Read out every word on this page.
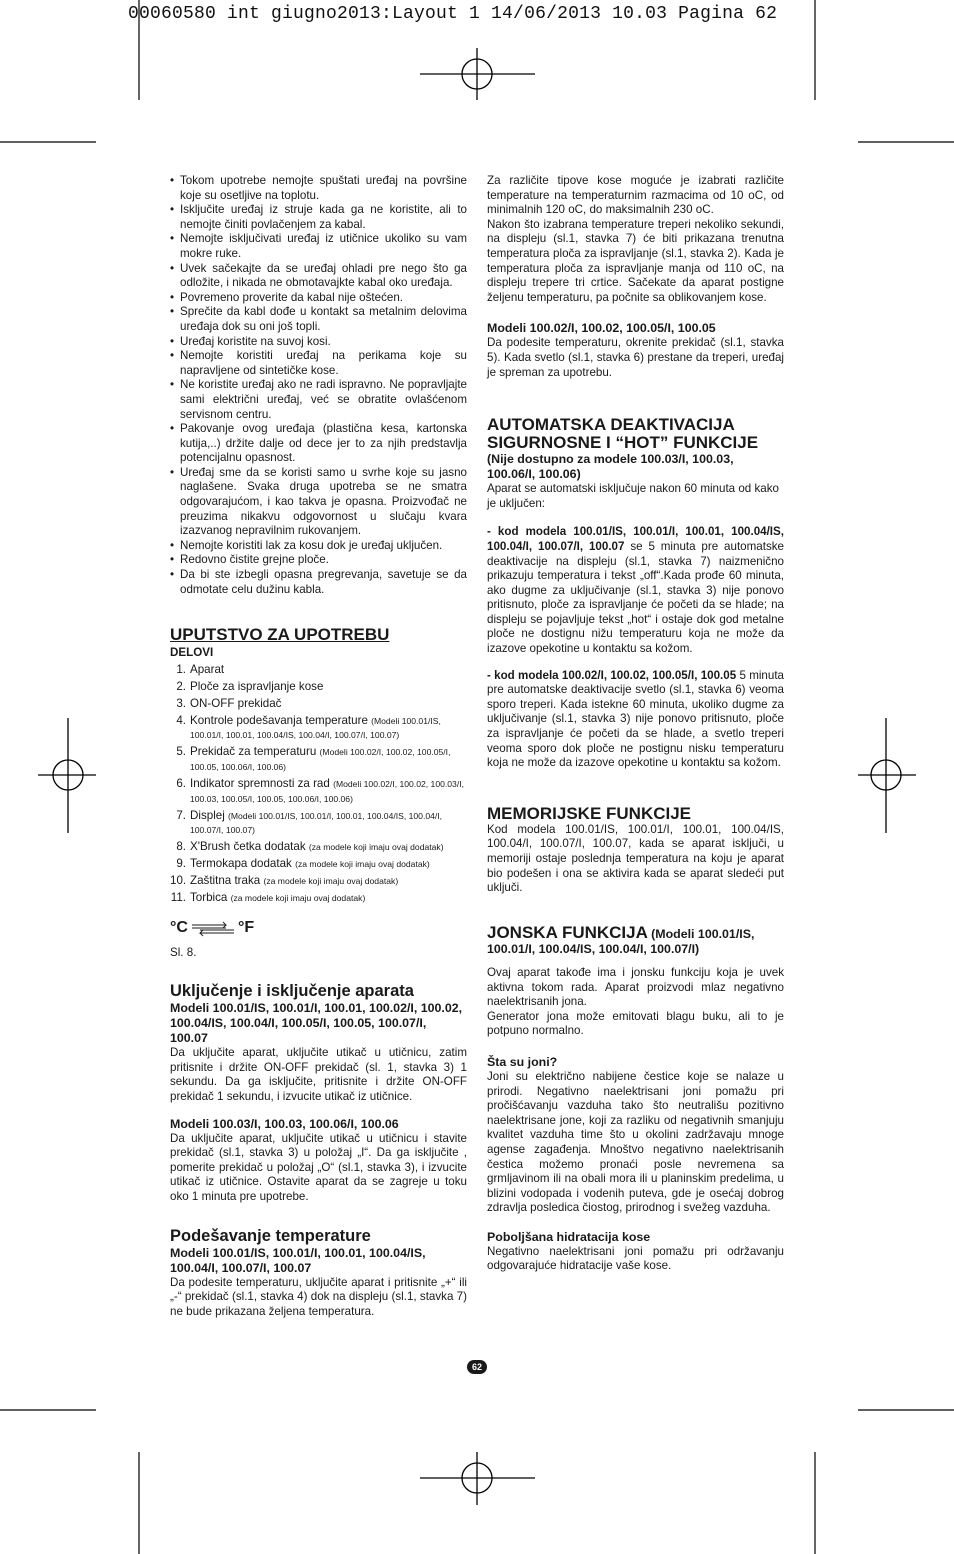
00060580 int giugno2013:Layout 1 14/06/2013 10.03 Pagina 62
• Tokom upotrebe nemojte spuštati uređaj na površine koje su osetljive na toplotu.
• Isključite uređaj iz struje kada ga ne koristite, ali to nemojte činiti povlačenjem za kabal.
• Nemojte isključivati uređaj iz utičnice ukoliko su vam mokre ruke.
• Uvek sačekajte da se uređaj ohladi pre nego što ga odložite, i nikada ne obmotavajkte kabal oko uređaja.
• Povremeno proverite da kabal nije oštećen.
• Sprečite da kabl dođe u kontakt sa metalnim delovima uređaja dok su oni još topli.
• Uređaj koristite na suvoj kosi.
• Nemojte koristiti uređaj na perikama koje su napravljene od sintetičke kose.
• Ne koristite uređaj ako ne radi ispravno. Ne popravljajte sami električni uređaj, već se obratite ovlašćenom servisnom centru.
• Pakovanje ovog uređaja (plastična kesa, kartonska kutija,..) držite dalje od dece jer to za njih predstavlja potencijalnu opasnost.
• Uređaj sme da se koristi samo u svrhe koje su jasno naglašene. Svaka druga upotreba se ne smatra odgovarajućom, i kao takva je opasna. Proizvođač ne preuzima nikakvu odgovornost u slučaju kvara izazvanog nepravilnim rukovanjem.
• Nemojte koristiti lak za kosu dok je uređaj uključen.
• Redovno čistite grejne ploče.
• Da bi ste izbegli opasna pregrevanja, savetuje se da odmotate celu dužinu kabla.
UPUTSTVO ZA UPOTREBU
DELOVI
1. Aparat
2. Ploče za ispravljanje kose
3. ON-OFF prekidač
4. Kontrole podešavanja temperature (Modeli 100.01/IS, 100.01/I, 100.01, 100.04/IS, 100.04/I, 100.07/I, 100.07)
5. Prekidač za temperaturu (Modeli 100.02/I, 100.02, 100.05/I, 100.05, 100.06/I, 100.06)
6. Indikator spremnosti za rad (Modeli 100.02/I, 100.02, 100.03/I, 100.03, 100.05/I, 100.05, 100.06/I, 100.06)
7. Displej (Modeli 100.01/IS, 100.01/I, 100.01, 100.04/IS, 100.04/I, 100.07/I, 100.07)
8. X'Brush četka dodatak (za modele koji imaju ovaj dodatak)
9. Termokapa dodatak (za modele koji imaju ovaj dodatak)
10. Zaštitna traka (za modele koji imaju ovaj dodatak)
11. Torbica (za modele koji imaju ovaj dodatak)
°C	°F
Sl. 8.
Uključenje i isključenje aparata
Modeli 100.01/IS, 100.01/I, 100.01, 100.02/I, 100.02, 100.04/IS, 100.04/I, 100.05/I, 100.05, 100.07/I, 100.07

Da uključite aparat, uključite utikač u utičnicu, zatim pritisnite i držite ON-OFF prekidač (sl. 1, stavka 3) 1 sekundu. Da ga isključite, pritisnite i držite ON-OFF prekidač 1 sekundu, i izvucite utikač iz utičnice.

Modeli 100.03/I, 100.03, 100.06/I, 100.06

Da uključite aparat, uključite utikač u utičnicu i stavite prekidač (sl.1, stavka 3) u položaj „I“. Da ga isključite , pomerite prekidač u položaj „O“ (sl.1, stavka 3), i izvucite utikač iz utičnice. Ostavite aparat da se zagreje u toku oko 1 minuta pre upotrebe.

Podešavanje temperature
Modeli 100.01/IS, 100.01/I, 100.01, 100.04/IS, 100.04/I, 100.07/I, 100.07

Da podesite temperaturu, uključite aparat i pritisnite „+“ ili „-“ prekidač (sl.1, stavka 4) dok na displeju (sl.1, stavka 7) ne bude prikazana željena temperatura.

Za različite tipove kose moguće je izabrati različite temperature na temperaturnim razmacima od 10 oC, od minimalnih 120 oC, do maksimalnih 230 oC.

Nakon što izabrana temperature treperi nekoliko sekundi, na displeju (sl.1, stavka 7) će biti prikazana trenutna temperatura ploča za ispravljanje (sl.1, stavka 2). Kada je temperatura ploča za ispravljanje manja od 110 oC, na displeju trepere tri crtice. Sačekate da aparat postigne željenu temperaturu, pa počnite sa oblikovanjem kose.

Modeli 100.02/I, 100.02, 100.05/I, 100.05

Da podesite temperaturu, okrenite prekidač (sl.1, stavka 5). Kada svetlo (sl.1, stavka 6) prestane da treperi, uređaj je spreman za upotrebu.

AUTOMATSKA DEAKTIVACIJA SIGURNOSNE I “HOT” FUNKCIJE
(Nije dostupno za modele 100.03/I, 100.03, 100.06/I, 100.06)

Aparat se automatski isključuje nakon 60 minuta od kako je uključen:

- kod modela 100.01/IS, 100.01/I, 100.01, 100.04/IS, 100.04/I, 100.07/I, 100.07 se 5 minuta pre automatske deaktivacije na displeju (sl.1, stavka 7) naizmenično prikazuju temperatura i tekst „off“.Kada prođe 60 minuta, ako dugme za uključivanje (sl.1, stavka 3) nije ponovo pritisnuto, ploče za ispravljanje će početi da se hlade; na displeju se pojavljuje tekst „hot“ i ostaje dok god metalne ploče ne dostignu nižu temperaturu koja ne može da izazove opekotine u kontaktu sa kožom.

- kod modela 100.02/I, 100.02, 100.05/I, 100.05 5 minuta pre automatske deaktivacije svetlo (sl.1, stavka 6) veoma sporo treperi. Kada istekne 60 minuta, ukoliko dugme za uključivanje (sl.1, stavka 3) nije ponovo pritisnuto, ploče za ispravljanje će početi da se hlade, a svetlo treperi veoma sporo dok ploče ne postignu nisku temperaturu koja ne može da izazove opekotine u kontaktu sa kožom.

MEMORIJSKE FUNKCIJE

Kod modela 100.01/IS, 100.01/I, 100.01, 100.04/IS, 100.04/I, 100.07/I, 100.07, kada se aparat isključi, u memoriji ostaje poslednja temperatura na koju je aparat bio podešen i ona se aktivira kada se aparat sledeći put uključi.

JONSKA FUNKCIJA (Modeli 100.01/IS, 100.01/I, 100.04/IS, 100.04/I, 100.07/I)

Ovaj aparat takođe ima i jonsku funkciju koja je uvek aktivna tokom rada. Aparat proizvodi mlaz negativno naelektrisanih jona.

Generator jona može emitovati blagu buku, ali to je potpuno normalno.

Šta su joni?

Joni su električno nabijene čestice koje se nalaze u prirodi. Negativno naelektrisani joni pomažu pri pročišćavanju vazduha tako što neutrališu pozitivno naelektrisane jone, koji za razliku od negativnih smanjuju kvalitet vazduha time što u okolini zadržavaju mnoge agense zagađenja. Mnoštvo negativno naelektrisanih čestica možemo pronaći posle nevremena sa grmljavinom ili na obali mora ili u planinskim predelima, u blizini vodopada i vodenih puteva, gde je osećaj dobrog zdravlja posledica čiostog, prirodnog i svežeg vazduha.

Poboljšana hidratacija kose

Negativno naelektrisani joni pomažu pri održavanju odgovarajuće hidratacije vaše kose.

62
